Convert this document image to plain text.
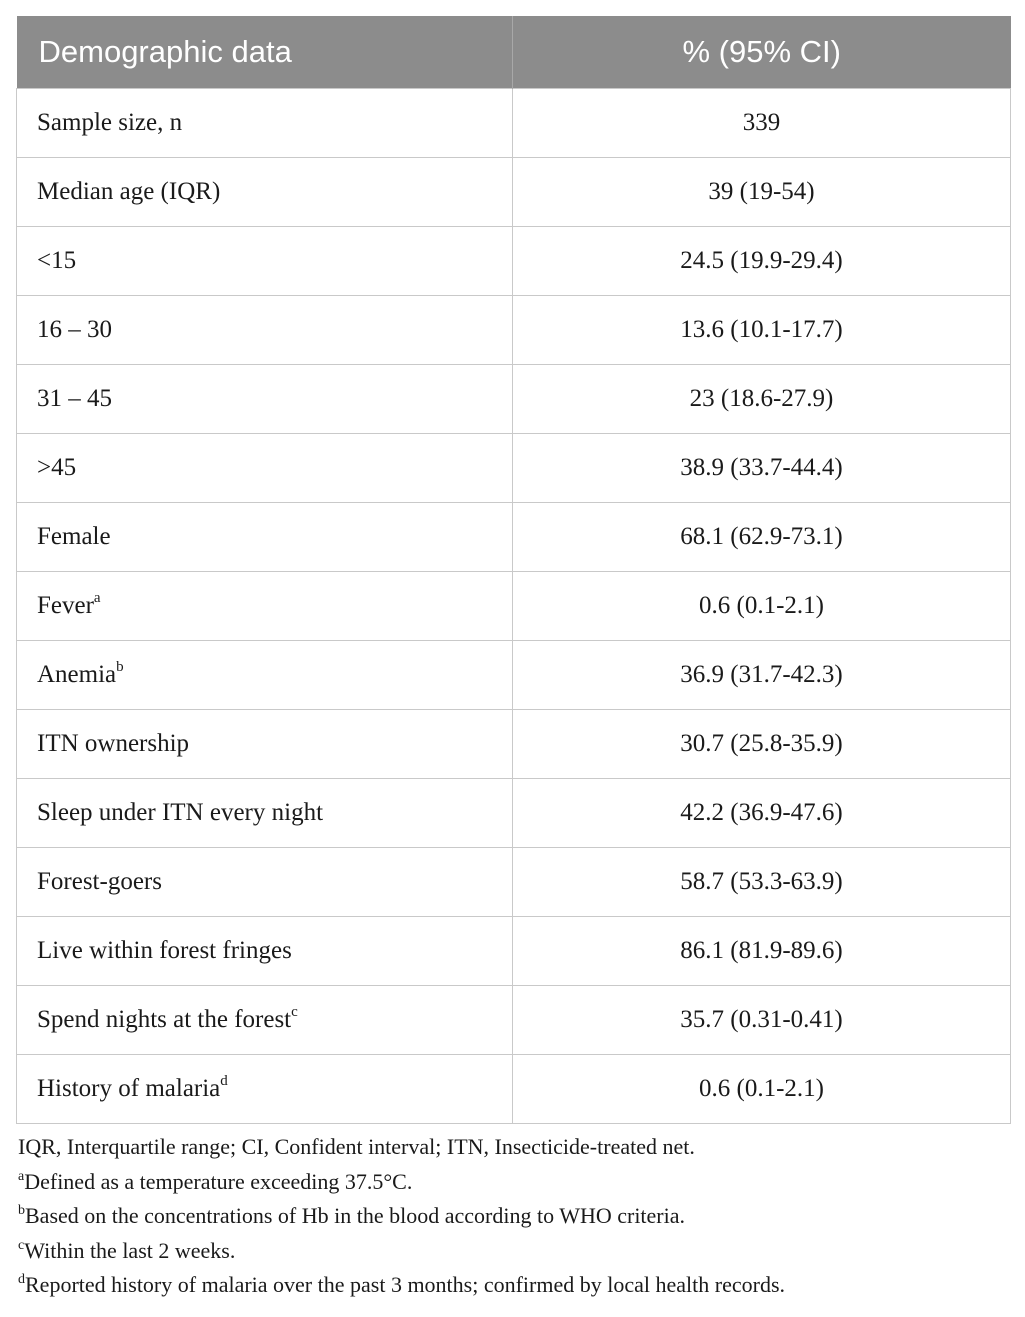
Demographic data	% (95% CI)
Sample size, n	339
Median age (IQR)	39 (19-54)
<15	24.5 (19.9-29.4)
16 – 30	13.6 (10.1-17.7)
31 – 45	23 (18.6-27.9)
>45	38.9 (33.7-44.4)
Female	68.1 (62.9-73.1)
Fever$^a$	0.6 (0.1-2.1)
Anemia$^b$	36.9 (31.7-42.3)
ITN ownership	30.7 (25.8-35.9)
Sleep under ITN every night	42.2 (36.9-47.6)
Forest-goers	58.7 (53.3-63.9)
Live within forest fringes	86.1 (81.9-89.6)
Spend nights at the forest$^c$	35.7 (0.31-0.41)
History of malaria$^d$	0.6 (0.1-2.1)

IQR, Interquartile range; CI, Confident interval; ITN, Insecticide-treated net.

$^a$Defined as a temperature exceeding 37.5°C.

$^b$Based on the concentrations of Hb in the blood according to WHO criteria.

$^c$Within the last 2 weeks.

$^d$Reported history of malaria over the past 3 months; confirmed by local health records.
